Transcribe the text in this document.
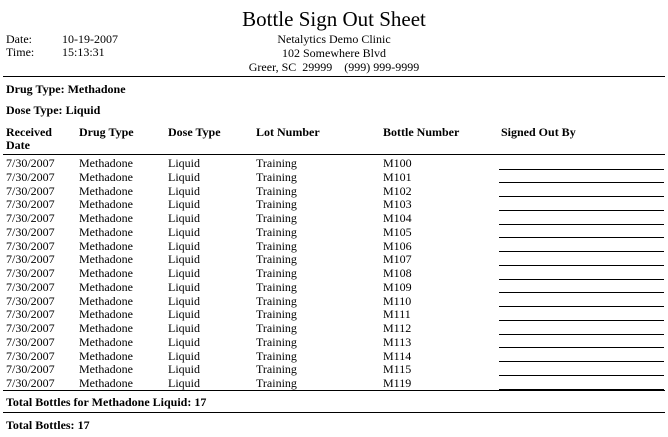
Bottle Sign Out Sheet
Date:	10-19-2007
Time: 15:13:31
Netalytics Demo Clinic
102 Somewhere Blvd
Greer, SC  29999    (999) 999-9999
Drug Type: Methadone
Dose Type: Liquid
Received
Date
Drug Type	Dose Type	Lot Number	Bottle Number	Signed Out By
7/30/2007 Methadone	Liquid	Training	M100
7/30/2007 Methadone	Liquid	Training	M101
7/30/2007 Methadone	Liquid	Training	M102
7/30/2007 Methadone	Liquid	Training	M103
7/30/2007 Methadone	Liquid	Training	M104
7/30/2007 Methadone	Liquid	Training	M105
7/30/2007 Methadone	Liquid	Training	M106
7/30/2007 Methadone	Liquid	Training	M107
7/30/2007 Methadone	Liquid	Training	M108
7/30/2007 Methadone	Liquid	Training	M109
7/30/2007 Methadone	Liquid	Training	M110
7/30/2007 Methadone	Liquid	Training	M111
7/30/2007 Methadone	Liquid	Training	M112
7/30/2007 Methadone	Liquid	Training	M113
7/30/2007 Methadone	Liquid	Training	M114
7/30/2007 Methadone	Liquid	Training	M115
7/30/2007 Methadone	Liquid	Training	M119
Total Bottles for Methadone Liquid: 17
Total Bottles: 17
